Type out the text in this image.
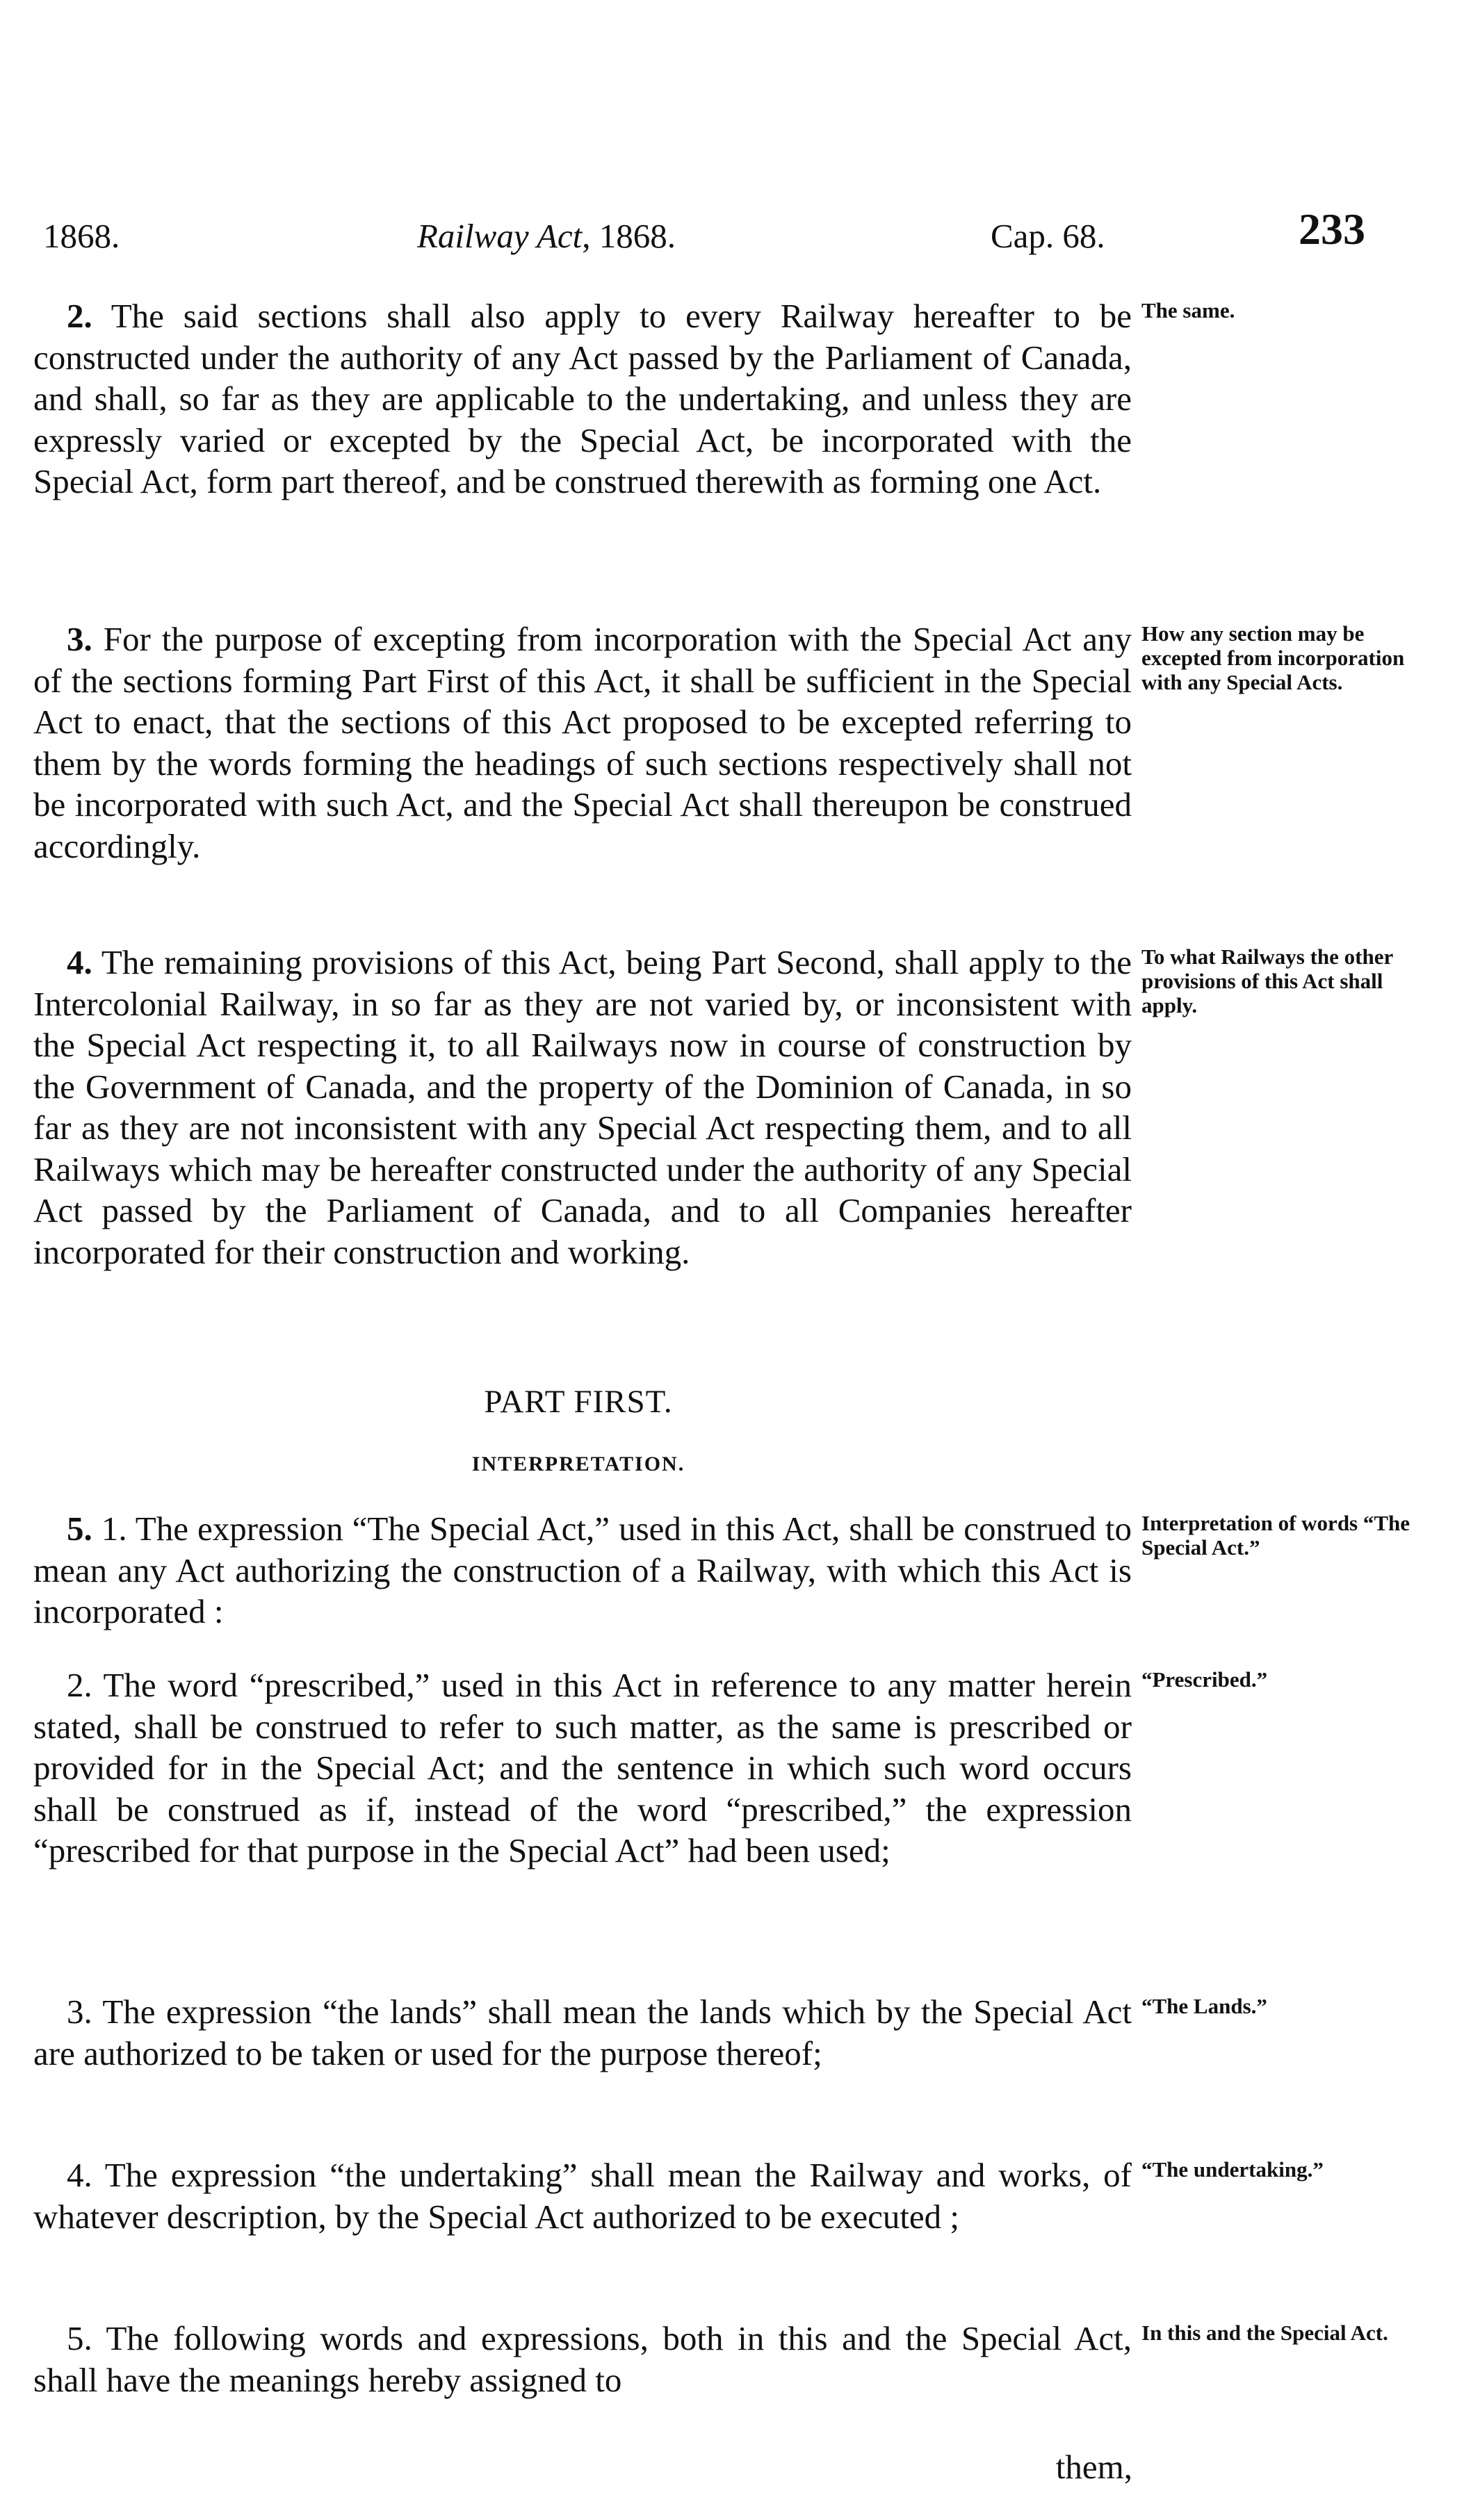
1868.	Railway Act, 1868.	Cap. 68.	233
2. The said sections shall also apply to every Railway hereafter to be constructed under the authority of any Act passed by the Parliament of Canada, and shall, so far as they are applicable to the undertaking, and unless they are expressly varied or excepted by the Special Act, be incorporated with the Special Act, form part thereof, and be construed therewith as forming one Act.
The same.
3. For the purpose of excepting from incorporation with the Special Act any of the sections forming Part First of this Act, it shall be sufficient in the Special Act to enact, that the sections of this Act proposed to be excepted referring to them by the words forming the headings of such sections respectively shall not be incorporated with such Act, and the Special Act shall thereupon be construed accordingly.
How any section may be excepted from incorporation with any Special Acts.
4. The remaining provisions of this Act, being Part Second, shall apply to the Intercolonial Railway, in so far as they are not varied by, or inconsistent with the Special Act respecting it, to all Railways now in course of construction by the Government of Canada, and the property of the Dominion of Canada, in so far as they are not inconsistent with any Special Act respecting them, and to all Railways which may be hereafter constructed under the authority of any Special Act passed by the Parliament of Canada, and to all Companies hereafter incorporated for their construction and working.
To what Railways the other provisions of this Act shall apply.
PART FIRST.
INTERPRETATION.
5. 1. The expression “The Special Act,” used in this Act, shall be construed to mean any Act authorizing the construction of a Railway, with which this Act is incorporated :
Interpretation of words “The Special Act.”
2. The word “prescribed,” used in this Act in reference to any matter herein stated, shall be construed to refer to such matter, as the same is prescribed or provided for in the Special Act; and the sentence in which such word occurs shall be construed as if, instead of the word “prescribed,” the expression “prescribed for that purpose in the Special Act” had been used;
“Prescribed.”
3. The expression “the lands” shall mean the lands which by the Special Act are authorized to be taken or used for the purpose thereof;
“The Lands.”
4. The expression “the undertaking” shall mean the Railway and works, of whatever description, by the Special Act authorized to be executed ;
“The undertaking.”
5. The following words and expressions, both in this and the Special Act, shall have the meanings hereby assigned to
In this and the Special Act.
them,
